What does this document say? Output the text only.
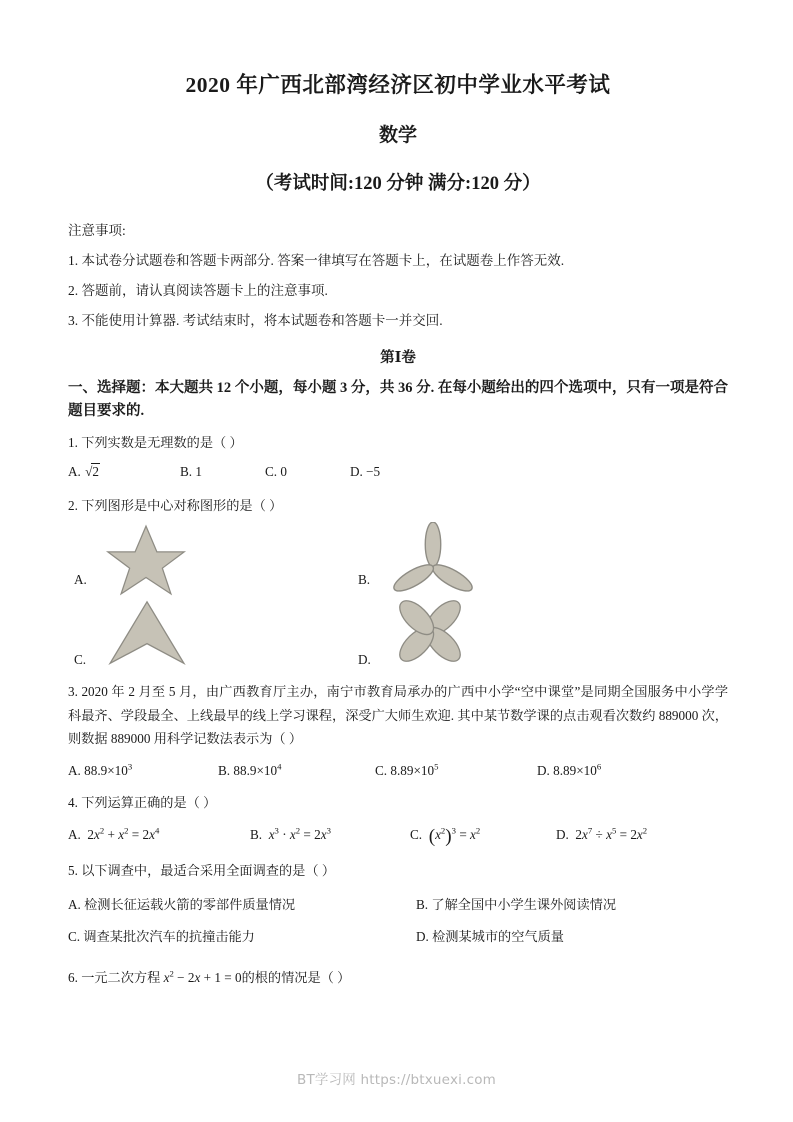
2020 年广西北部湾经济区初中学业水平考试
数学
（考试时间:120 分钟 满分:120 分）

注意事项:

1. 本试卷分试题卷和答题卡两部分. 答案一律填写在答题卡上，在试题卷上作答无效.

2. 答题前，请认真阅读答题卡上的注意事项.

3. 不能使用计算器. 考试结束时，将本试题卷和答题卡一并交回.

第Ⅰ卷
一、选择题：本大题共 12 个小题，每小题 3 分，共 36 分. 在每小题给出的四个选项中，只有一项是符合题目要求的.
1. 下列实数是无理数的是（ ）
A. √2	B. 1	C. 0	D. −5
2. 下列图形是中心对称图形的是（ ）
A.	B.
C.	D.
3. 2020 年 2 月至 5 月，由广西教育厅主办，南宁市教育局承办的广西中小学“空中课堂”是同期全国服务中小学学科最齐、学段最全、上线最早的线上学习课程，深受广大师生欢迎. 其中某节数学课的点击观看次数约 889000 次，则数据 889000 用科学记数法表示为（ ）
A. $88.9\times 10^3$	B. $88.9\times 10^4$	C. $8.89\times 10^5$	D. $8.89\times 10^6$
4. 下列运算正确的是（ ）
A.  $2x^2 + x^2 = 2x^4$	B. $x^3 \cdot x^2 = 2x^3$	C. $(x^2)^3 = x^2$	D.  $2x^7 \div x^5 = 2x^2$
5. 以下调查中，最适合采用全面调查的是（ ）
A. 检测长征运载火箭的零部件质量情况	B. 了解全国中小学生课外阅读情况
C. 调查某批次汽车的抗撞击能力	D. 检测某城市的空气质量
6. 一元二次方程 $x^2 - 2x + 1 = 0$的根的情况是（ ）
BT学习网 https://btxuexi.com
